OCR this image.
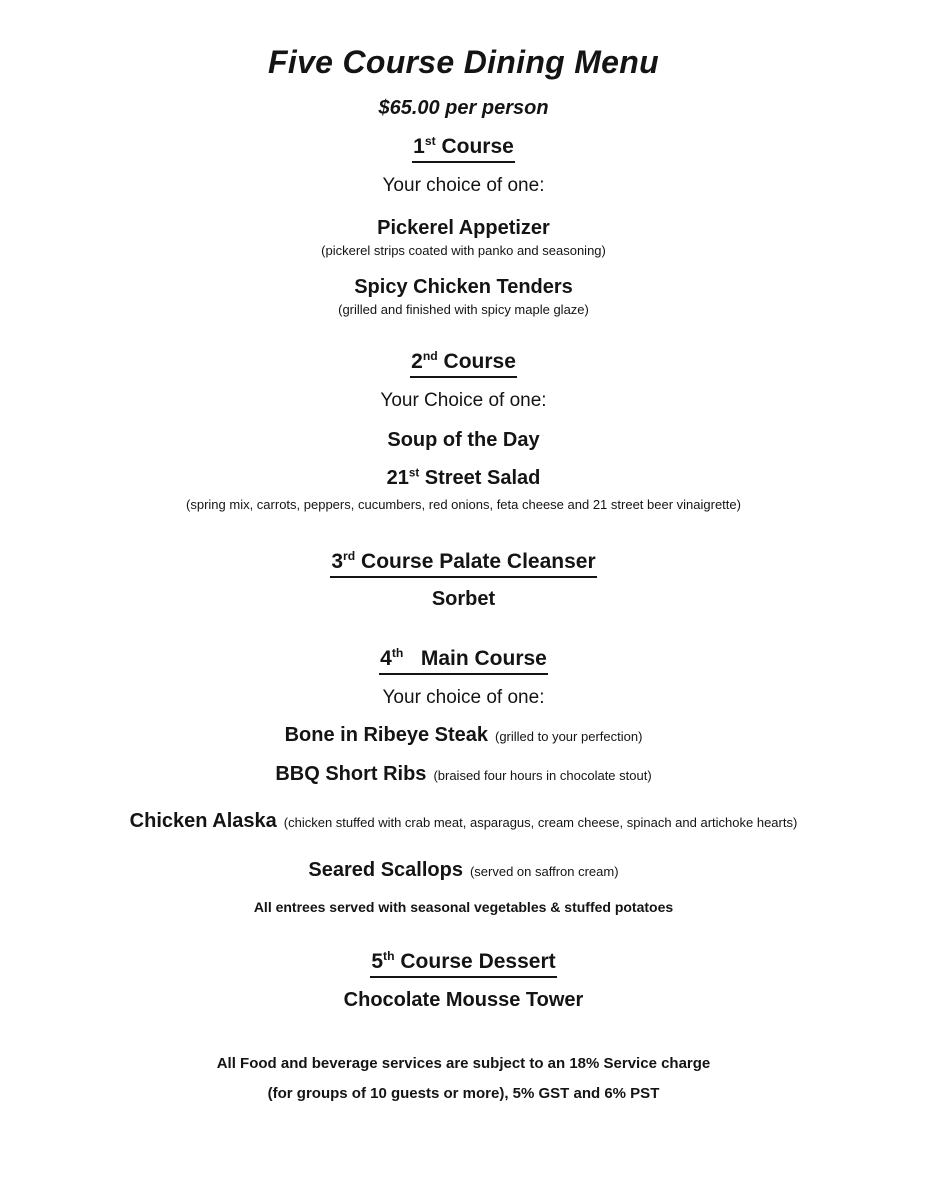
Five Course Dining Menu
$65.00 per person
1st Course
Your choice of one:
Pickerel Appetizer
(pickerel strips coated with panko and seasoning)
Spicy Chicken Tenders
(grilled and finished with spicy maple glaze)
2nd Course
Your Choice of one:
Soup of the Day
21st Street Salad
(spring mix, carrots, peppers, cucumbers, red onions, feta cheese and 21 street beer vinaigrette)
3rd Course Palate Cleanser
Sorbet
4th   Main Course
Your choice of one:
Bone in Ribeye Steak (grilled to your perfection)
BBQ Short Ribs (braised four hours in chocolate stout)
Chicken Alaska (chicken stuffed with crab meat, asparagus, cream cheese, spinach and artichoke hearts)
Seared Scallops (served on saffron cream)
All entrees served with seasonal vegetables & stuffed potatoes
5th Course Dessert
Chocolate Mousse Tower
All Food and beverage services are subject to an 18% Service charge
(for groups of 10 guests or more), 5% GST and 6% PST
